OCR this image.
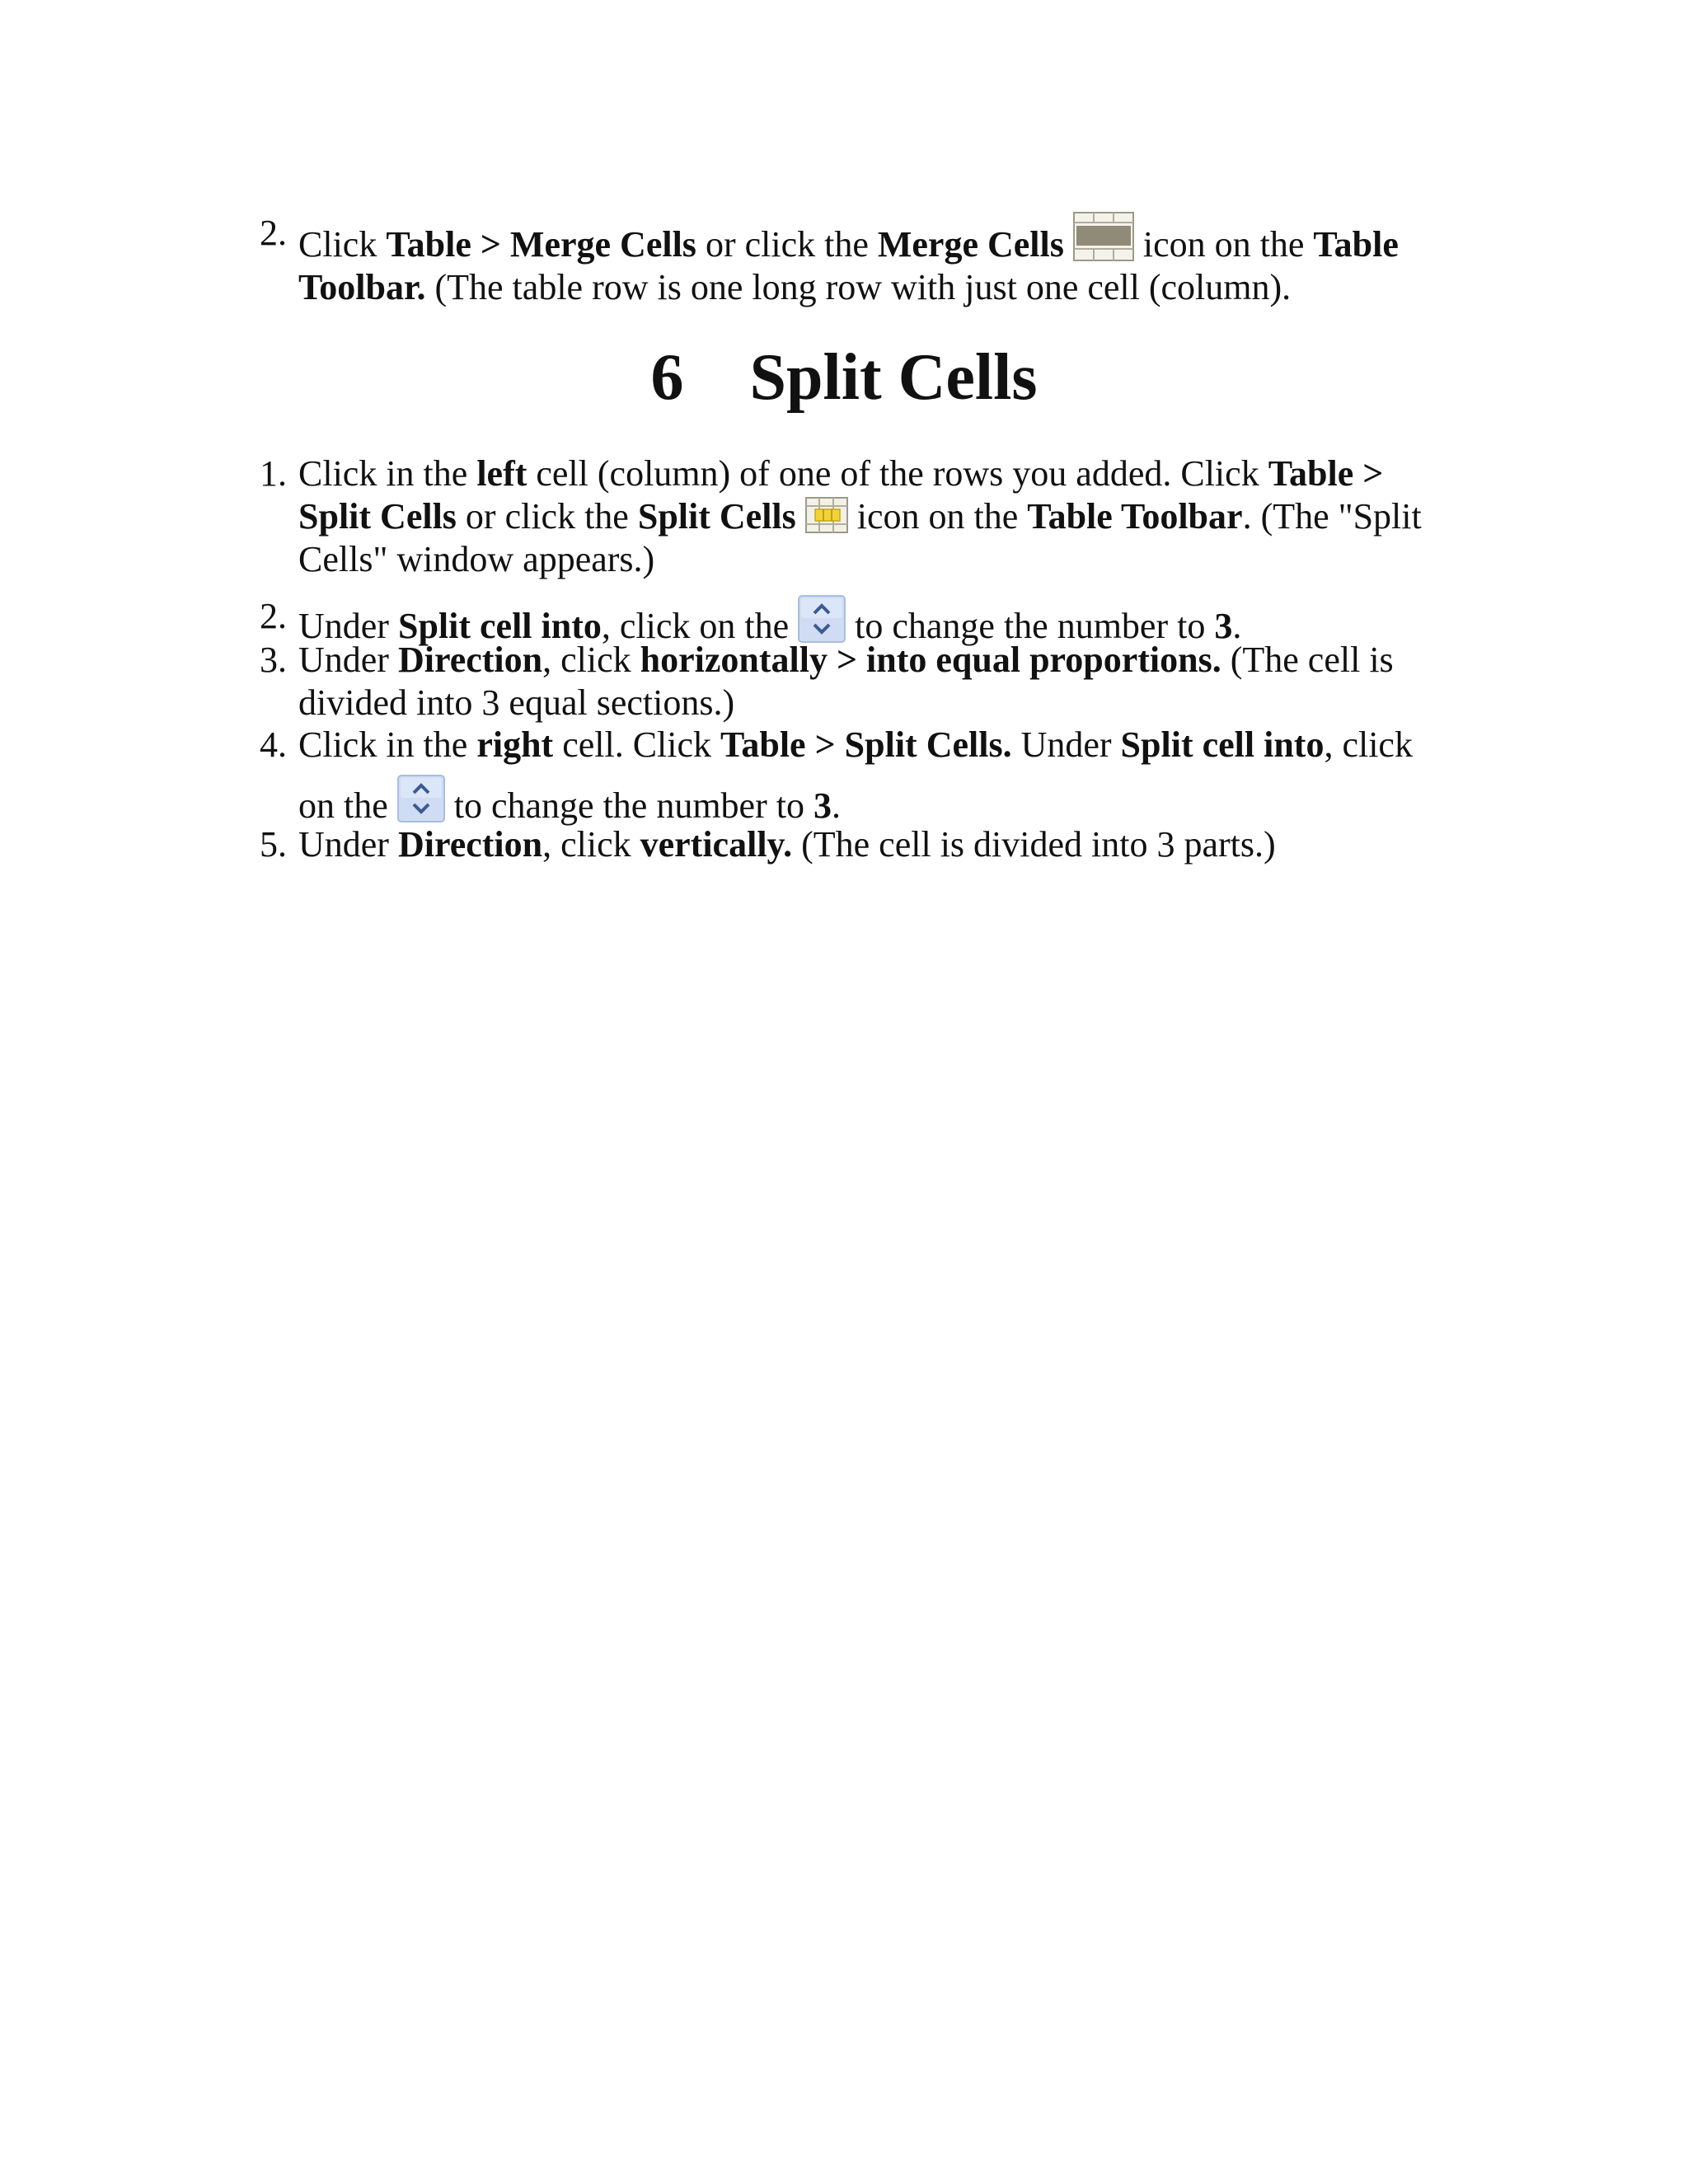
2. Click Table > Merge Cells or click the Merge Cells
icon on the Table
Toolbar. (The table row is one long row with just one cell (column).
6 Split Cells
1. Click in the left cell (column) of one of the rows you added. Click Table >
Split Cells or click the Split Cells
icon on the Table Toolbar. (The "Split
Cells" window appears.)
2. Under Split cell into, click on the
to change the number to 3.
3. Under Direction, click horizontally > into equal proportions. (The cell is
divided into 3 equal sections.)
4. Click in the right cell. Click Table > Split Cells. Under Split cell into, click
on the
to change the number to 3.
5. Under Direction, click vertically. (The cell is divided into 3 parts.)
